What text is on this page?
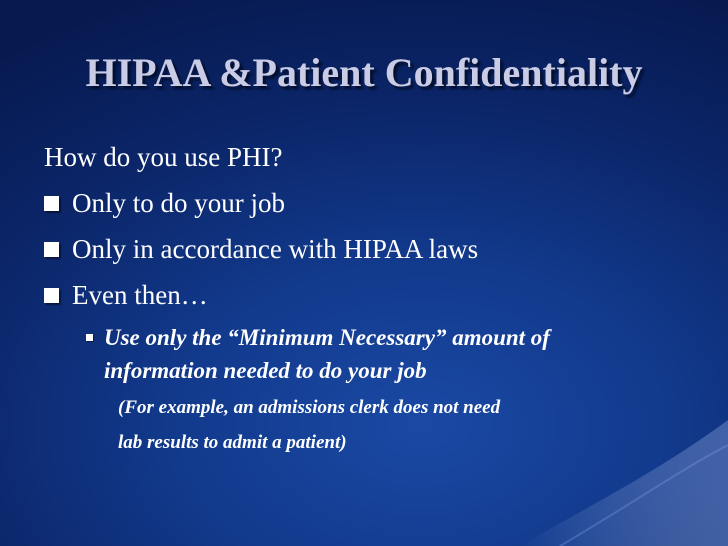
HIPAA &Patient Confidentiality
How do you use PHI?
Only to do your job
Only in accordance with HIPAA laws
Even then…
Use only the “Minimum Necessary” amount of
information needed to do your job
(For example, an admissions clerk does not need
lab results to admit a patient)
